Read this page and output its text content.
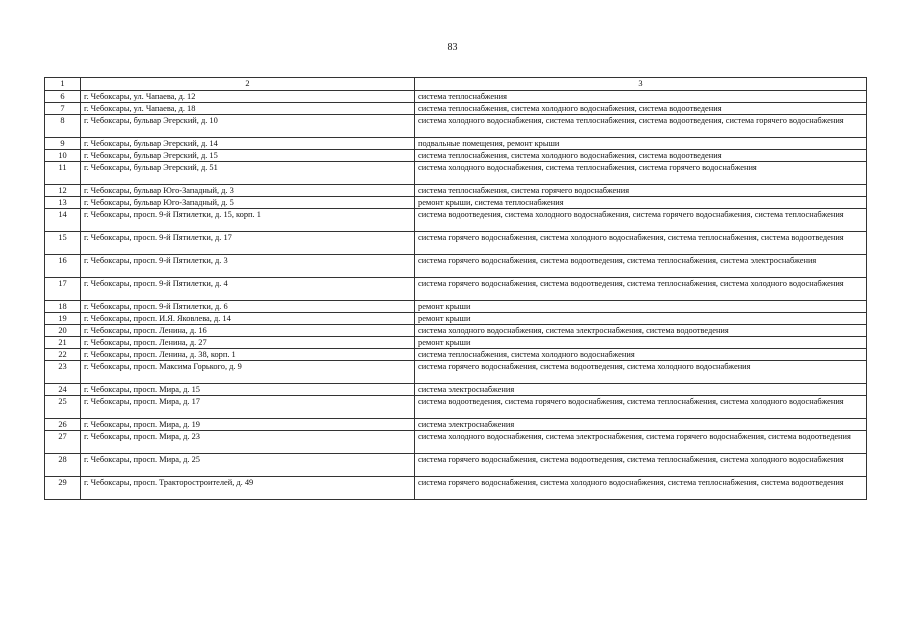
83
1	2	3
6	г. Чебоксары, ул. Чапаева, д. 12	система теплоснабжения
7	г. Чебоксары, ул. Чапаева, д. 18	система теплоснабжения, система холодного водоснабжения, система водоотведения
8	г. Чебоксары, бульвар Эгерский, д. 10	система холодного водоснабжения, система теплоснабжения, система водоотведения, система горячего водоснабжения
9	г. Чебоксары, бульвар Эгерский, д. 14	подвальные помещения, ремонт крыши
10	г. Чебоксары, бульвар Эгерский, д. 15	система теплоснабжения, система холодного водоснабжения, система водоотведения
11	г. Чебоксары, бульвар Эгерский, д. 51	система холодного водоснабжения, система теплоснабжения, система горячего водоснабжения
12	г. Чебоксары, бульвар Юго-Западный, д. 3	система теплоснабжения, система горячего водоснабжения
13	г. Чебоксары, бульвар Юго-Западный, д. 5	ремонт крыши, система теплоснабжения
14	г. Чебоксары, просп. 9-й Пятилетки, д. 15, корп. 1	система водоотведения, система холодного водоснабжения, система горячего водоснабжения, система теплоснабжения
15	г. Чебоксары, просп. 9-й Пятилетки, д. 17	система горячего водоснабжения, система холодного водоснабжения, система теплоснабжения, система водоотведения
16	г. Чебоксары, просп. 9-й Пятилетки, д. 3	система горячего водоснабжения, система водоотведения, система теплоснабжения, система электроснабжения
17	г. Чебоксары, просп. 9-й Пятилетки, д. 4	система горячего водоснабжения, система водоотведения, система теплоснабжения, система холодного водоснабжения
18	г. Чебоксары, просп. 9-й Пятилетки, д. 6	ремонт крыши
19	г. Чебоксары, просп. И.Я. Яковлева, д. 14	ремонт крыши
20	г. Чебоксары, просп. Ленина, д. 16	система холодного водоснабжения, система электроснабжения, система водоотведения
21	г. Чебоксары, просп. Ленина, д. 27	ремонт крыши
22	г. Чебоксары, просп. Ленина, д. 38, корп. 1	система теплоснабжения, система холодного водоснабжения
23	г. Чебоксары, просп. Максима Горького, д. 9	система горячего водоснабжения, система водоотведения, система холодного водоснабжения
24	г. Чебоксары, просп. Мира, д. 15	система электроснабжения
25	г. Чебоксары, просп. Мира, д. 17	система водоотведения, система горячего водоснабжения, система теплоснабжения, система холодного водоснабжения
26	г. Чебоксары, просп. Мира, д. 19	система электроснабжения
27	г. Чебоксары, просп. Мира, д. 23	система холодного водоснабжения, система электроснабжения, система горячего водоснабжения, система водоотведения
28	г. Чебоксары, просп. Мира, д. 25	система горячего водоснабжения, система водоотведения, система теплоснабжения, система холодного водоснабжения
29	г. Чебоксары, просп. Тракторостроителей, д. 49	система горячего водоснабжения, система холодного водоснабжения, система теплоснабжения, система водоотведения
